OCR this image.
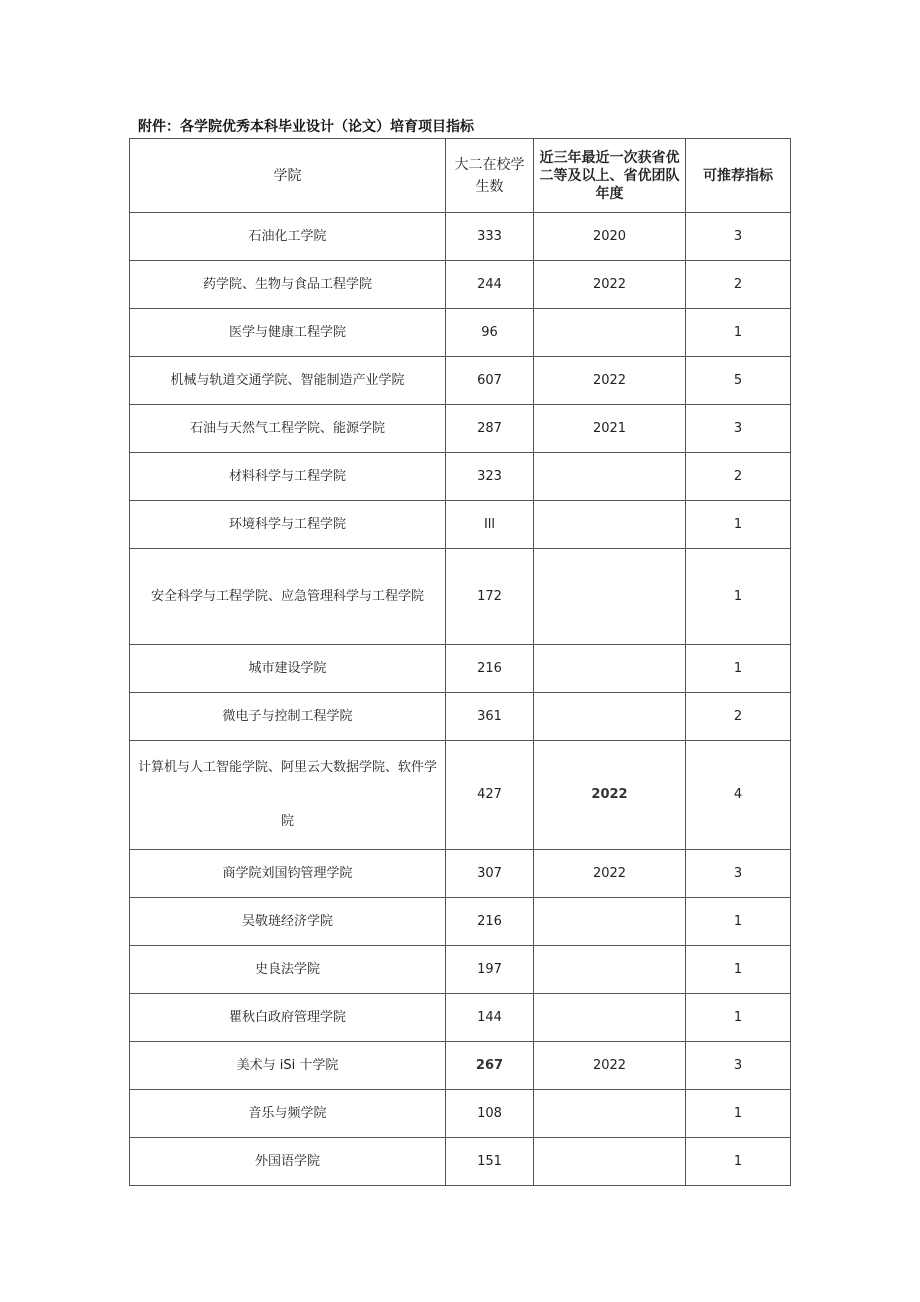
附件：各学院优秀本科毕业设计（论文）培育项目指标
学院	大二在校学生数	近三年最近一次获省优二等及以上、省优团队年度	可推荐指标
石油化工学院	333	2020	3
药学院、生物与食品工程学院	244	2022	2
医学与健康工程学院	96		1
机械与轨道交通学院、智能制造产业学院	607	2022	5
石油与天然气工程学院、能源学院	287	2021	3
材料科学与工程学院	323		2
环境科学与工程学院	Ill		1
安全科学与工程学院、应急管理科学与工程学院	172		1
城市建设学院	216		1
微电子与控制工程学院	361		2
计算机与人工智能学院、阿里云大数据学院、软件学院	427	2022	4
商学院刘国钧管理学院	307	2022	3
吴敬琏经济学院	216		1
史良法学院	197		1
瞿秋白政府管理学院	144		1
美术与 iSi 十学院	267	2022	3
音乐与频学院	108		1
外国语学院	151		1
